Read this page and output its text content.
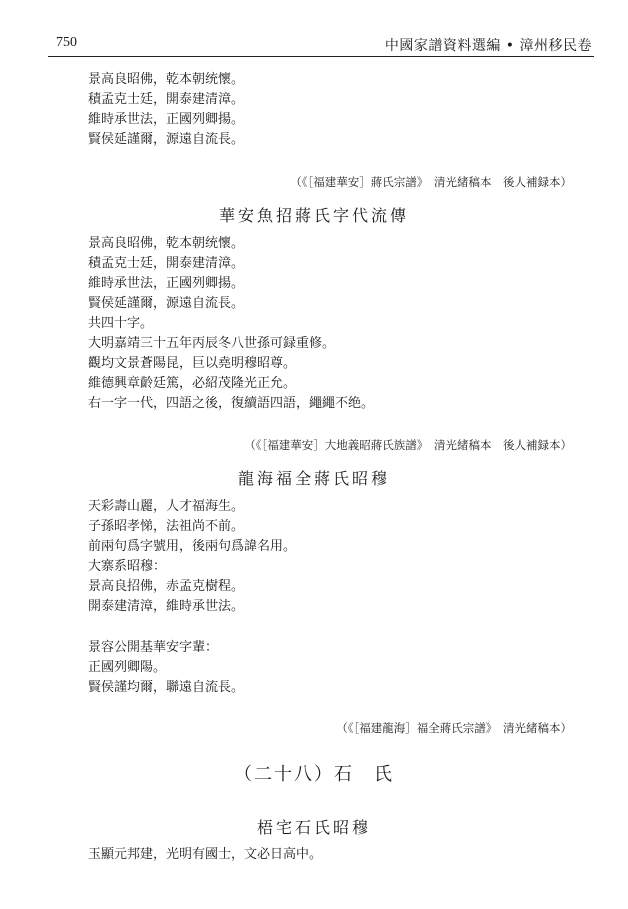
750	中國家譜資料選編 • 漳州移民卷
景高良昭佛，乾本朝统懷。
積孟克士廷，開泰建清漳。
維時承世法，正國列卿揚。
賢侯延謹爾，源遠自流長。
（《［福建華安］蔣氏宗譜》　清光緒稿本　後人補録本）
華安魚招蔣氏字代流傳
景高良昭佛，乾本朝统懷。
積孟克士廷，開泰建清漳。
維時承世法，正國列卿揚。
賢侯延謹爾，源遠自流長。
共四十字。
大明嘉靖三十五年丙辰冬八世孫可録重修。
觀均文景蒼陽昆，巨以堯明穆昭尊。
維德興章齡廷篤，必紹茂隆光正允。
右一字一代，四語之後，復續語四語，繩繩不绝。
（《［福建華安］大地義昭蔣氏族譜》　清光緒稿本　後人補録本）
龍海福全蔣氏昭穆
天彩壽山麗，人才福海生。
子孫昭孝悌，法祖尚不前。
前兩句爲字號用，後兩句爲諱名用。
大寨系昭穆：
景高良招佛，赤孟克樹程。
開泰建清漳，維時承世法。
景容公開基華安字輩：
正國列卿陽。
賢侯謹均爾，聯遠自流長。
（《［福建龍海］福全蔣氏宗譜》　清光緒稿本）
（二十八）石　氏
梧宅石氏昭穆
玉顯元邦建，光明有國士，文必日高中。
